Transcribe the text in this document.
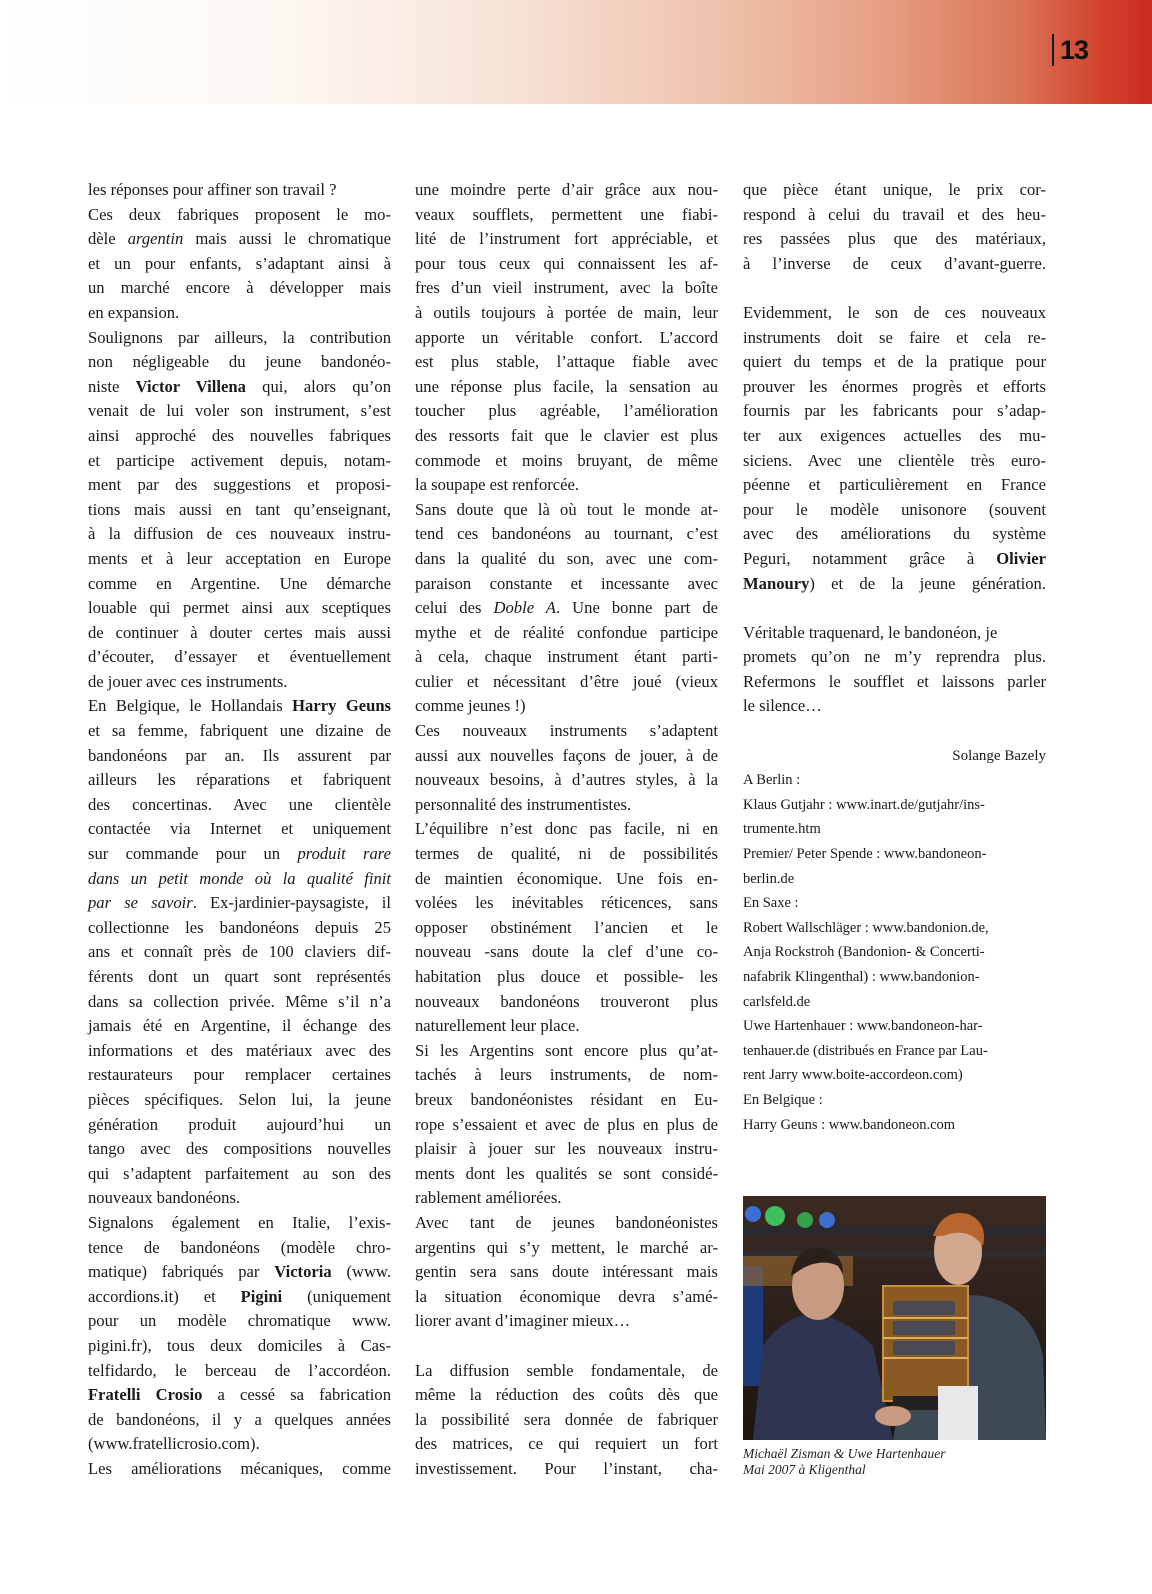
13
les réponses pour affiner son travail ?
Ces deux fabriques proposent le mo-
dèle argentin mais aussi le chromatique
et un pour enfants, s’adaptant ainsi à
un marché encore à développer mais
en expansion.
Soulignons par ailleurs, la contribution
non négligeable du jeune bandonéo-
niste Victor Villena qui, alors qu’on
venait de lui voler son instrument, s’est
ainsi approché des nouvelles fabriques
et participe activement depuis, notam-
ment par des suggestions et proposi-
tions mais aussi en tant qu’enseignant,
à la diffusion de ces nouveaux instru-
ments et à leur acceptation en Europe
comme en Argentine. Une démarche
louable qui permet ainsi aux sceptiques
de continuer à douter certes mais aussi
d’écouter, d’essayer et éventuellement
de jouer avec ces instruments.
En Belgique, le Hollandais Harry Geuns
et sa femme, fabriquent une dizaine de
bandonéons par an. Ils assurent par
ailleurs les réparations et fabriquent
des concertinas. Avec une clientèle
contactée via Internet et uniquement
sur commande pour un produit rare
dans un petit monde où la qualité finit
par se savoir. Ex-jardinier-paysagiste, il
collectionne les bandonéons depuis 25
ans et connaît près de 100 claviers dif-
férents dont un quart sont représentés
dans sa collection privée. Même s’il n’a
jamais été en Argentine, il échange des
informations et des matériaux avec des
restaurateurs pour remplacer certaines
pièces spécifiques. Selon lui, la jeune
génération produit aujourd’hui un
tango avec des compositions nouvelles
qui s’adaptent parfaitement au son des
nouveaux bandonéons.
Signalons également en Italie, l’exis-
tence de bandonéons (modèle chro-
matique) fabriqués par Victoria (www.
accordions.it) et Pigini (uniquement
pour un modèle chromatique www.
pigini.fr), tous deux domiciles à Cas-
telfidardo, le berceau de l’accordéon.
Fratelli Crosio a cessé sa fabrication
de bandonéons, il y a quelques années
(www.fratellicrosio.com).
Les améliorations mécaniques, comme
une moindre perte d’air grâce aux nou-
veaux soufflets, permettent une fiabi-
lité de l’instrument fort appréciable, et
pour tous ceux qui connaissent les af-
fres d’un vieil instrument, avec la boîte
à outils toujours à portée de main, leur
apporte un véritable confort. L’accord
est plus stable, l’attaque fiable avec
une réponse plus facile, la sensation au
toucher plus agréable, l’amélioration
des ressorts fait que le clavier est plus
commode et moins bruyant, de même
la soupape est renforcée.
Sans doute que là où tout le monde at-
tend ces bandonéons au tournant, c’est
dans la qualité du son, avec une com-
paraison constante et incessante avec
celui des Doble A. Une bonne part de
mythe et de réalité confondue participe
à cela, chaque instrument étant parti-
culier et nécessitant d’être joué (vieux
comme jeunes !)
Ces nouveaux instruments s’adaptent
aussi aux nouvelles façons de jouer, à de
nouveaux besoins, à d’autres styles, à la
personnalité des instrumentistes.
L’équilibre n’est donc pas facile, ni en
termes de qualité, ni de possibilités
de maintien économique. Une fois en-
volées les inévitables réticences, sans
opposer obstinément l’ancien et le
nouveau -sans doute la clef d’une co-
habitation plus douce et possible- les
nouveaux bandonéons trouveront plus
naturellement leur place.
Si les Argentins sont encore plus qu’at-
tachés à leurs instruments, de nom-
breux bandonéonistes résidant en Eu-
rope s’essaient et avec de plus en plus de
plaisir à jouer sur les nouveaux instru-
ments dont les qualités se sont considé-
rablement améliorées.
Avec tant de jeunes bandonéonistes
argentins qui s’y mettent, le marché ar-
gentin sera sans doute intéressant mais
la situation économique devra s’amé-
liorer avant d’imaginer mieux…
La diffusion semble fondamentale, de
même la réduction des coûts dès que
la possibilité sera donnée de fabriquer
des matrices, ce qui requiert un fort
investissement. Pour l’instant, cha-
que pièce étant unique, le prix cor-
respond à celui du travail et des heu-
res passées plus que des matériaux,
à l’inverse de ceux d’avant-guerre.
Evidemment, le son de ces nouveaux
instruments doit se faire et cela re-
quiert du temps et de la pratique pour
prouver les énormes progrès et efforts
fournis par les fabricants pour s’adap-
ter aux exigences actuelles des mu-
siciens. Avec une clientèle très euro-
péenne et particulièrement en France
pour le modèle unisonore (souvent
avec des améliorations du système
Peguri, notamment grâce à Olivier
Manoury) et de la jeune génération.
Véritable traquenard, le bandonéon, je
promets qu’on ne m’y reprendra plus.
Refermons le soufflet et laissons parler
le silence…
Solange Bazely
A Berlin :
Klaus Gutjahr : www.inart.de/gutjahr/ins-
trumente.htm
Premier/ Peter Spende : www.bandoneon-
berlin.de
En Saxe :
Robert Wallschläger : www.bandonion.de,
Anja Rockstroh (Bandonion- & Concerti-
nafabrik Klingenthal) : www.bandonion-
carlsfeld.de
Uwe Hartenhauer : www.bandoneon-har-
tenhauer.de (distribués en France par Lau-
rent Jarry www.boite-accordeon.com)
En Belgique :
Harry Geuns : www.bandoneon.com
Michaël Zisman & Uwe Hartenhauer
Mai 2007 à Kligenthal
